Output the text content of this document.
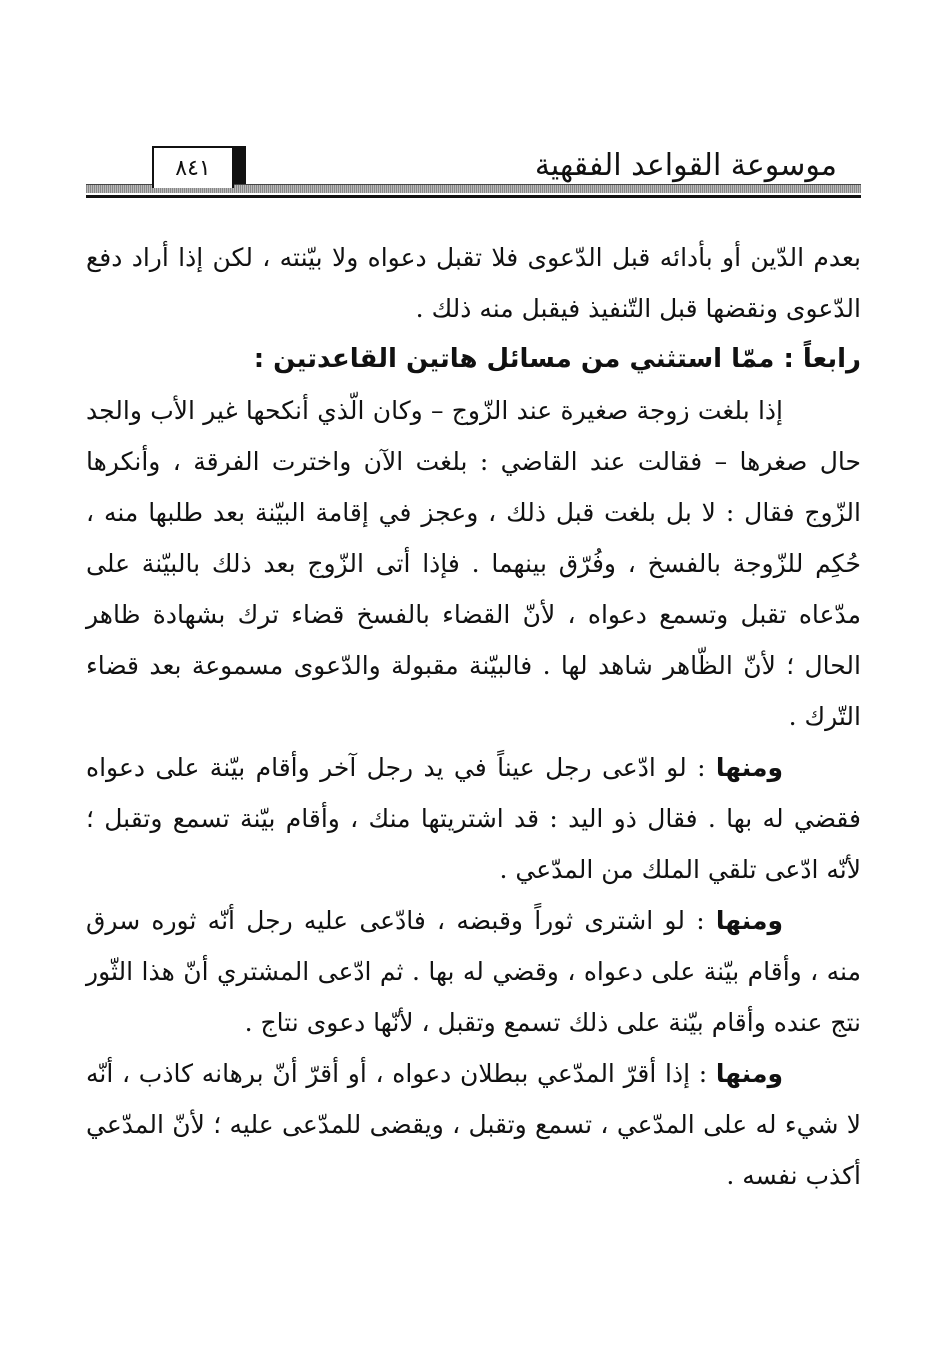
موسوعة القواعد الفقهية
٨٤١

بعدم الدّين أو بأدائه قبل الدّعوى فلا تقبل دعواه ولا بيّنته ، لكن إذا أراد دفع الدّعوى ونقضها قبل التّنفيذ فيقبل منه ذلك .

رابعاً : ممّا استثني من مسائل هاتين القاعدتين :

إذا بلغت زوجة صغيرة عند الزّوج – وكان الّذي أنكحها غير الأب والجد حال صغرها – فقالت عند القاضي : بلغت الآن واخترت الفرقة ، وأنكرها الزّوج فقال : لا بل بلغت قبل ذلك ، وعجز في إقامة البيّنة بعد طلبها منه ، حُكِم للزّوجة بالفسخ ، وفُرّق بينهما . فإذا أتى الزّوج بعد ذلك بالبيّنة على مدّعاه تقبل وتسمع دعواه ، لأنّ القضاء بالفسخ قضاء ترك بشهادة ظاهر الحال ؛ لأنّ الظّاهر شاهد لها . فالبيّنة مقبولة والدّعوى مسموعة بعد قضاء التّرك .

ومنها : لو ادّعى رجل عيناً في يد رجل آخر وأقام بيّنة على دعواه فقضي له بها . فقال ذو اليد : قد اشتريتها منك ، وأقام بيّنة تسمع وتقبل ؛ لأنّه ادّعى تلقي الملك من المدّعي .

ومنها : لو اشترى ثوراً وقبضه ، فادّعى عليه رجل أنّه ثوره سرق منه ، وأقام بيّنة على دعواه ، وقضي له بها . ثم ادّعى المشتري أنّ هذا الثّور نتج عنده وأقام بيّنة على ذلك تسمع وتقبل ، لأنّها دعوى نتاج .

ومنها : إذا أقرّ المدّعي ببطلان دعواه ، أو أقرّ أنّ برهانه كاذب ، أنّه لا شيء له على المدّعي ، تسمع وتقبل ، ويقضى للمدّعى عليه ؛ لأنّ المدّعي أكذب نفسه .
